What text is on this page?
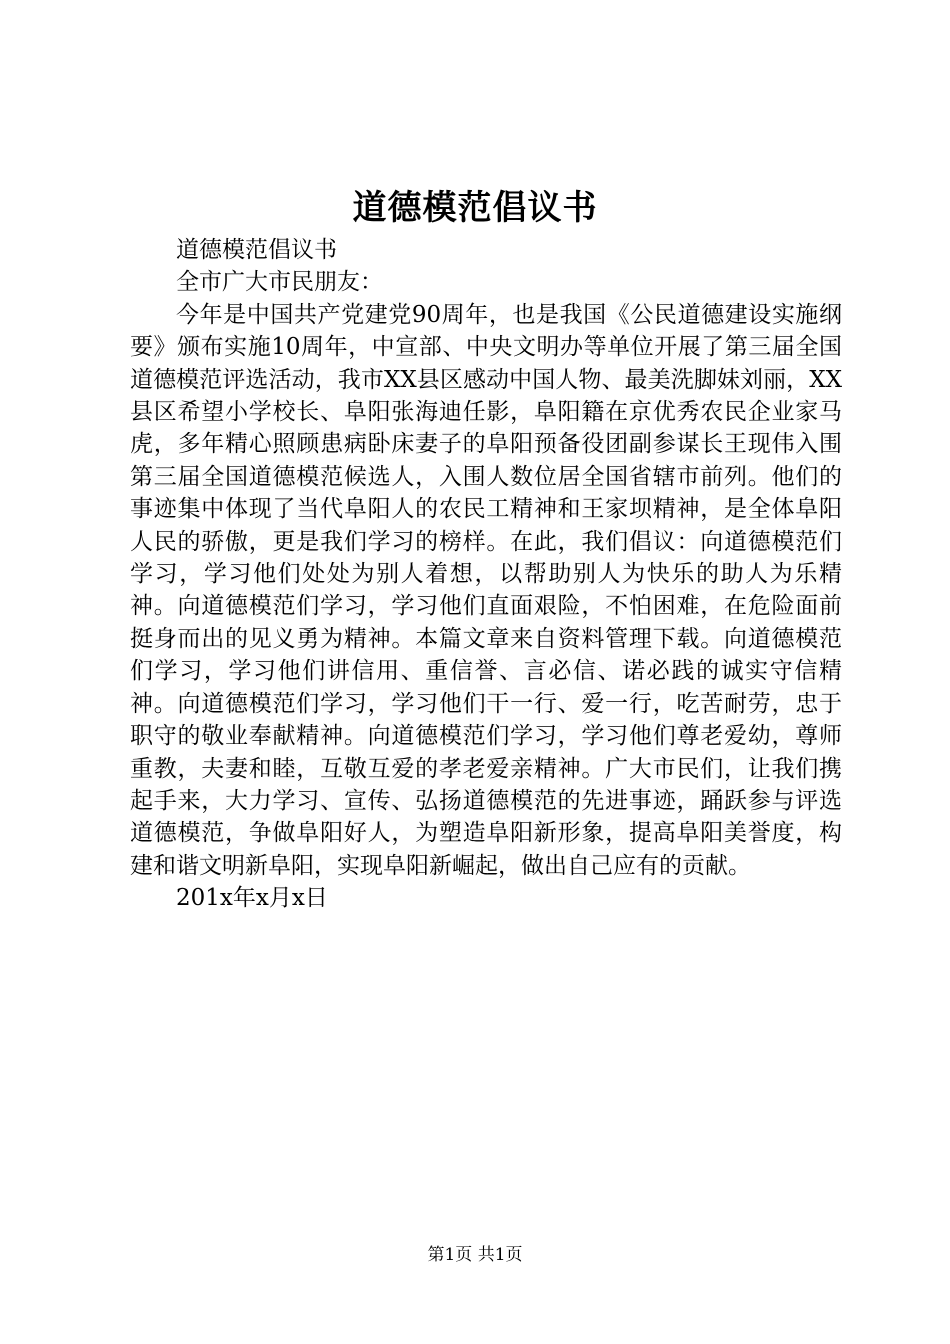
道德模范倡议书

道德模范倡议书

全市广大市民朋友：

今年是中国共产党建党90周年，也是我国《公民道德建设实施纲要》颁布实施10周年，中宣部、中央文明办等单位开展了第三届全国道德模范评选活动，我市XX县区感动中国人物、最美洗脚妹刘丽，XX县区希望小学校长、阜阳张海迪任影，阜阳籍在京优秀农民企业家马虎，多年精心照顾患病卧床妻子的阜阳预备役团副参谋长王现伟入围第三届全国道德模范候选人，入围人数位居全国省辖市前列。他们的事迹集中体现了当代阜阳人的农民工精神和王家坝精神，是全体阜阳人民的骄傲，更是我们学习的榜样。在此，我们倡议：向道德模范们学习，学习他们处处为别人着想，以帮助别人为快乐的助人为乐精神。向道德模范们学习，学习他们直面艰险，不怕困难，在危险面前挺身而出的见义勇为精神。本篇文章来自资料管理下载。向道德模范们学习，学习他们讲信用、重信誉、言必信、诺必践的诚实守信精神。向道德模范们学习，学习他们干一行、爱一行，吃苦耐劳，忠于职守的敬业奉献精神。向道德模范们学习，学习他们尊老爱幼，尊师重教，夫妻和睦，互敬互爱的孝老爱亲精神。广大市民们，让我们携起手来，大力学习、宣传、弘扬道德模范的先进事迹，踊跃参与评选道德模范，争做阜阳好人，为塑造阜阳新形象，提高阜阳美誉度，构建和谐文明新阜阳，实现阜阳新崛起，做出自己应有的贡献。

201x年x月x日

第1页 共1页
